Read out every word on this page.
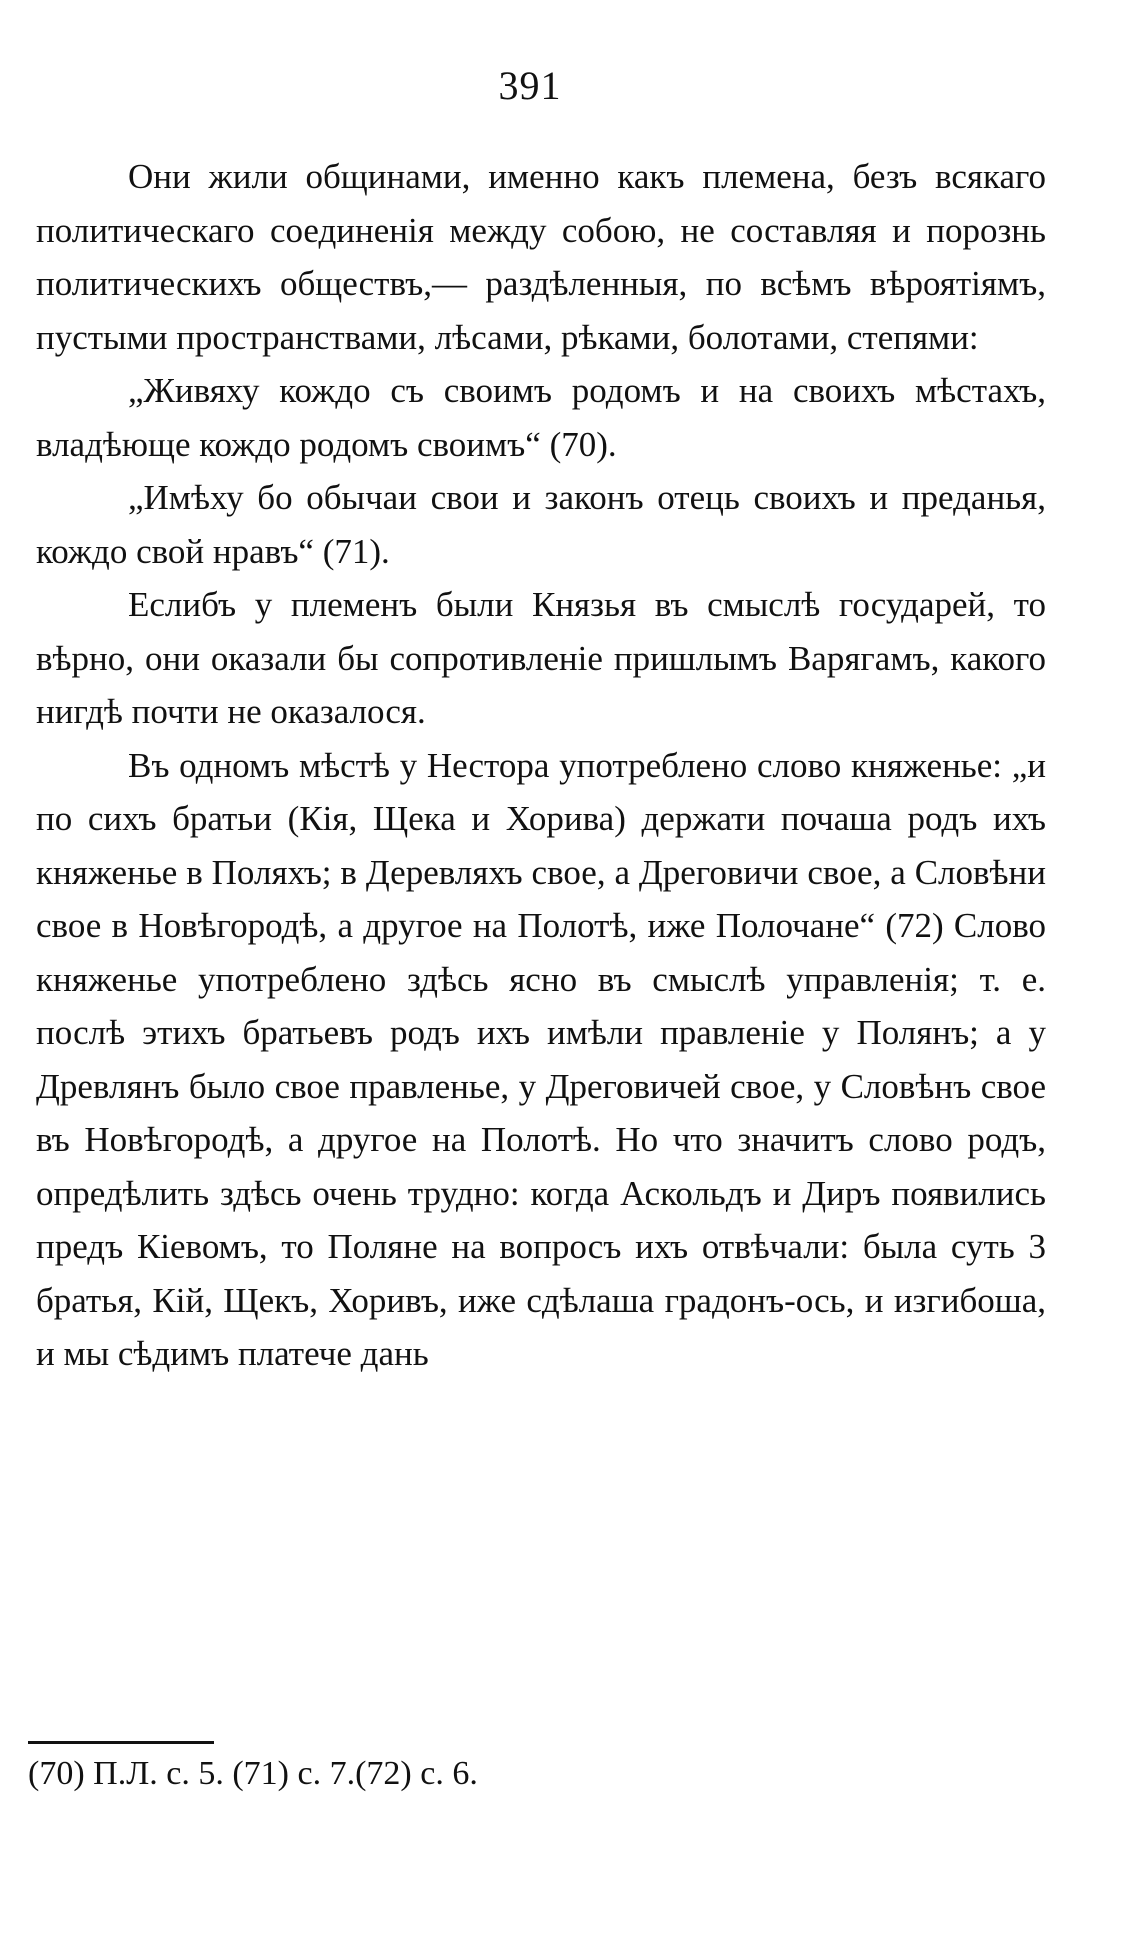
391

Они жили общинами, именно какъ племена, безъ всякаго политическаго соединенія между собою, не составляя и порознь политическихъ обществъ,— раздѣленныя, по всѣмъ вѣроятіямъ, пустыми пространствами, лѣсами, рѣками, болотами, степями:

„Живяху кождо съ своимъ родомъ и на своихъ мѣстахъ, владѣюще кождо родомъ своимъ“ (70).

„Имѣху бо обычаи свои и законъ отець своихъ и преданья, кождо свой нравъ“ (71).

Еслибъ у племенъ были Князья въ смыслѣ государей, то вѣрно, они оказали бы сопротивленіе пришлымъ Варягамъ, какого нигдѣ почти не оказалося.

Въ одномъ мѣстѣ у Нестора употреблено слово княженье: „и по сихъ братьи (Кія, Щека и Хорива) держати почаша родъ ихъ княженье в Поляхъ; в Деревляхъ свое, а Дреговичи свое, а Словѣни свое в Новѣгородѣ, а другое на Полотѣ, иже Полочане“ (72) Слово княженье употреблено здѣсь ясно въ смыслѣ управленія; т. е. послѣ этихъ братьевъ родъ ихъ имѣли правленіе у Полянъ; а у Древлянъ было свое правленье, у Дреговичей свое, у Словѣнъ свое въ Новѣгородѣ, а другое на Полотѣ. Но что значитъ слово родъ, опредѣлить здѣсь очень трудно: когда Аскольдъ и Диръ появились предъ Кіевомъ, то Поляне на вопросъ ихъ отвѣчали: была суть 3 братья, Кій, Щекъ, Хоривъ, иже сдѣлаша градонъ-ось, и изгибоша, и мы сѣдимъ платече дань

(70) П.Л. с. 5. (71) с. 7.(72) с. 6.
